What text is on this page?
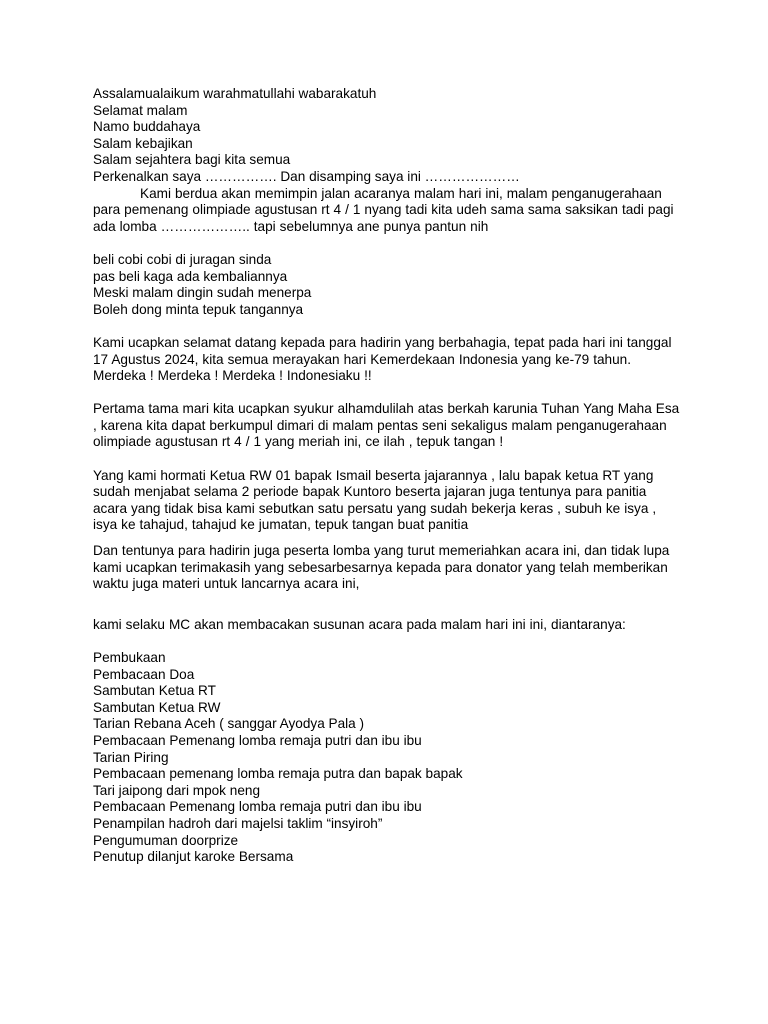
Assalamualaikum warahmatullahi wabarakatuh
Selamat malam
Namo buddahaya
Salam kebajikan
Salam sejahtera bagi kita semua
Perkenalkan saya ……………. Dan disamping saya ini …………………

Kami berdua akan memimpin jalan acaranya malam hari ini, malam penganugerahaan para pemenang olimpiade agustusan rt 4 / 1 nyang tadi kita udeh sama sama saksikan tadi pagi ada lomba ……………….. tapi sebelumnya ane punya pantun nih

beli cobi cobi di juragan sinda
pas beli kaga ada kembaliannya
Meski malam dingin sudah menerpa
Boleh dong minta tepuk tangannya

Kami ucapkan selamat datang kepada para hadirin yang berbahagia, tepat pada hari ini tanggal 17 Agustus 2024, kita semua merayakan hari Kemerdekaan Indonesia yang ke-79 tahun. Merdeka ! Merdeka ! Merdeka ! Indonesiaku !!

Pertama tama mari kita ucapkan syukur alhamdulilah atas berkah karunia Tuhan Yang Maha Esa , karena kita dapat berkumpul dimari di malam pentas seni sekaligus malam penganugerahaan olimpiade agustusan rt 4 / 1 yang meriah ini, ce ilah , tepuk tangan !

Yang kami hormati Ketua RW 01 bapak Ismail beserta jajarannya , lalu bapak ketua RT yang sudah menjabat selama 2 periode bapak Kuntoro beserta jajaran juga tentunya para panitia acara yang tidak bisa kami sebutkan satu persatu yang sudah bekerja keras , subuh ke isya , isya ke tahajud, tahajud ke jumatan, tepuk tangan buat panitia

Dan tentunya para hadirin juga peserta lomba yang turut memeriahkan acara ini, dan tidak lupa kami ucapkan terimakasih yang sebesarbesarnya kepada para donator yang telah memberikan waktu juga materi untuk lancarnya acara ini,

kami selaku MC akan membacakan susunan acara pada malam hari ini ini, diantaranya:

Pembukaan
Pembacaan Doa
Sambutan Ketua RT
Sambutan Ketua RW
Tarian Rebana Aceh ( sanggar Ayodya Pala )
Pembacaan Pemenang lomba remaja putri dan ibu ibu
Tarian Piring
Pembacaan pemenang lomba remaja putra dan bapak bapak
Tari jaipong dari mpok neng
Pembacaan Pemenang lomba remaja putri dan ibu ibu
Penampilan hadroh dari majelsi taklim “insyiroh”
Pengumuman doorprize
Penutup dilanjut karoke Bersama
